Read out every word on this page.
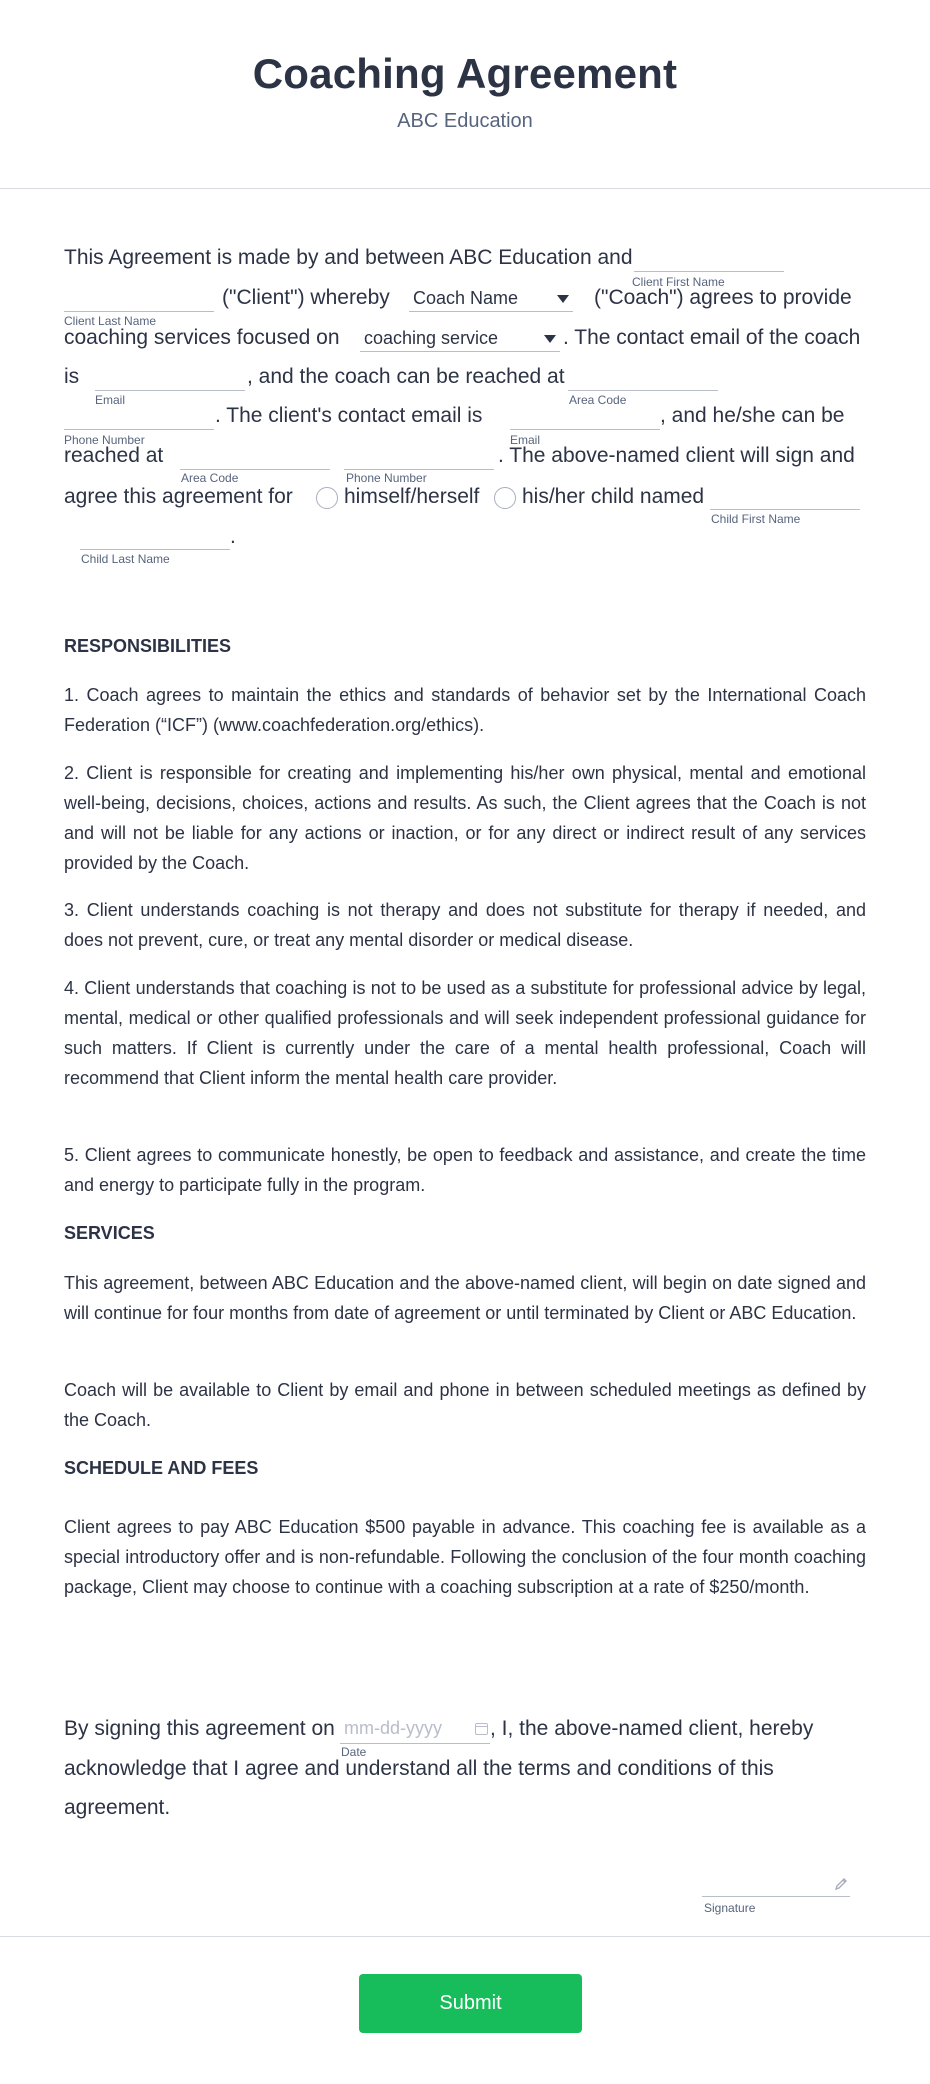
Coaching Agreement
ABC Education
This Agreement is made by and between ABC Education and
Client First Name
Client Last Name
("Client") whereby Coach Name	("Coach") agrees to provide
coaching services focused on coaching service	. The contact email of the coach
is
Email
, and the coach can be reached at
Area Code
Phone Number
. The client's contact email is
Email
, and he/she can be
reached at
Area Code	Phone Number
. The above-named client will sign and
agree this agreement for himself/herself his/her child named
Child First Name
.
Child Last Name
RESPONSIBILITIES

1. Coach agrees to maintain the ethics and standards of behavior set by the International Coach Federation (“ICF”) (www.coachfederation.org/ethics).

2. Client is responsible for creating and implementing his/her own physical, mental and emotional well-being, decisions, choices, actions and results. As such, the Client agrees that the Coach is not and will not be liable for any actions or inaction, or for any direct or indirect result of any services provided by the Coach.

3. Client understands coaching is not therapy and does not substitute for therapy if needed, and does not prevent, cure, or treat any mental disorder or medical disease.

4. Client understands that coaching is not to be used as a substitute for professional advice by legal, mental, medical or other qualified professionals and will seek independent professional guidance for such matters. If Client is currently under the care of a mental health professional, Coach will recommend that Client inform the mental health care provider.

5. Client agrees to communicate honestly, be open to feedback and assistance, and create the time and energy to participate fully in the program.

SERVICES

This agreement, between ABC Education and the above-named client, will begin on date signed and will continue for four months from date of agreement or until terminated by Client or ABC Education.

Coach will be available to Client by email and phone in between scheduled meetings as defined by the Coach.

SCHEDULE AND FEES

Client agrees to pay ABC Education $500 payable in advance. This coaching fee is available as a special introductory offer and is non-refundable. Following the conclusion of the four month coaching package, Client may choose to continue with a coaching subscription at a rate of $250/month.

By signing this agreement on mm-dd-yyyy
Date
, I, the above-named client, hereby
acknowledge that I agree and understand all the terms and conditions of this
agreement.
Signature
Submit
